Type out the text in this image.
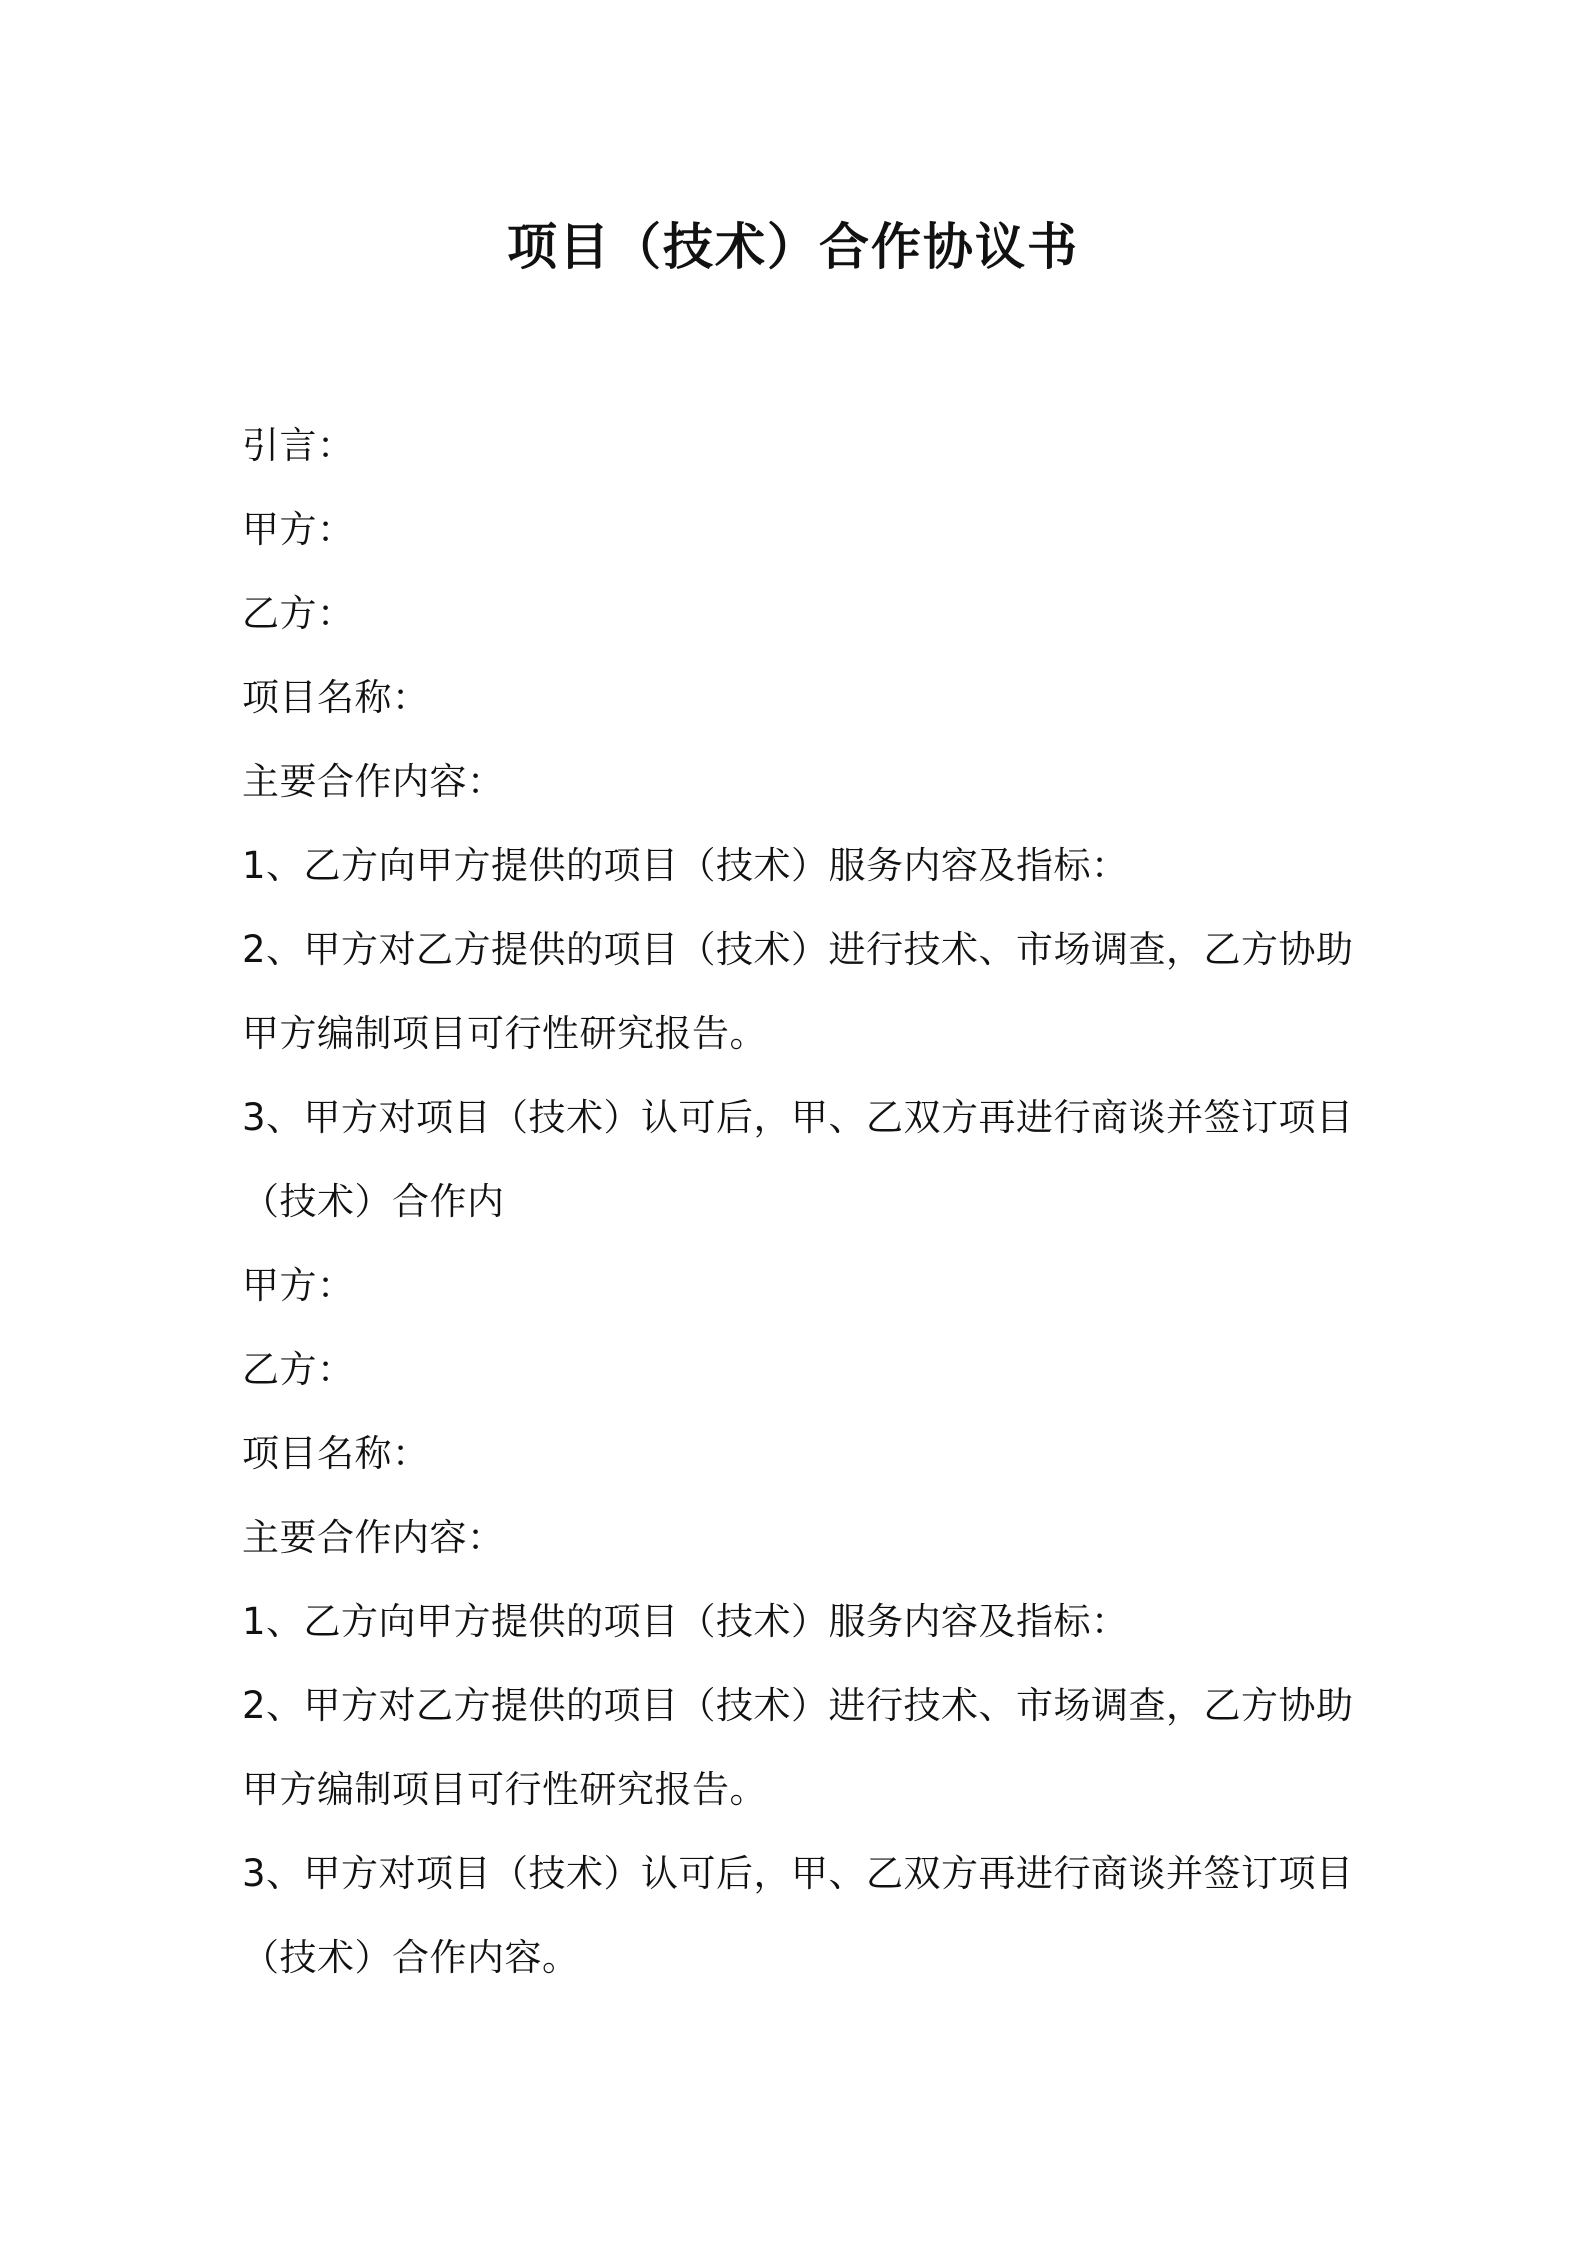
项目（技术）合作协议书
引言：
甲方：
乙方：
项目名称：
主要合作内容：
1、乙方向甲方提供的项目（技术）服务内容及指标：
2、甲方对乙方提供的项目（技术）进行技术、市场调查，乙方协助
甲方编制项目可行性研究报告。
3、甲方对项目（技术）认可后，甲、乙双方再进行商谈并签订项目
（技术）合作内
甲方：
乙方：
项目名称：
主要合作内容：
1、乙方向甲方提供的项目（技术）服务内容及指标：
2、甲方对乙方提供的项目（技术）进行技术、市场调查，乙方协助
甲方编制项目可行性研究报告。
3、甲方对项目（技术）认可后，甲、乙双方再进行商谈并签订项目
（技术）合作内容。
